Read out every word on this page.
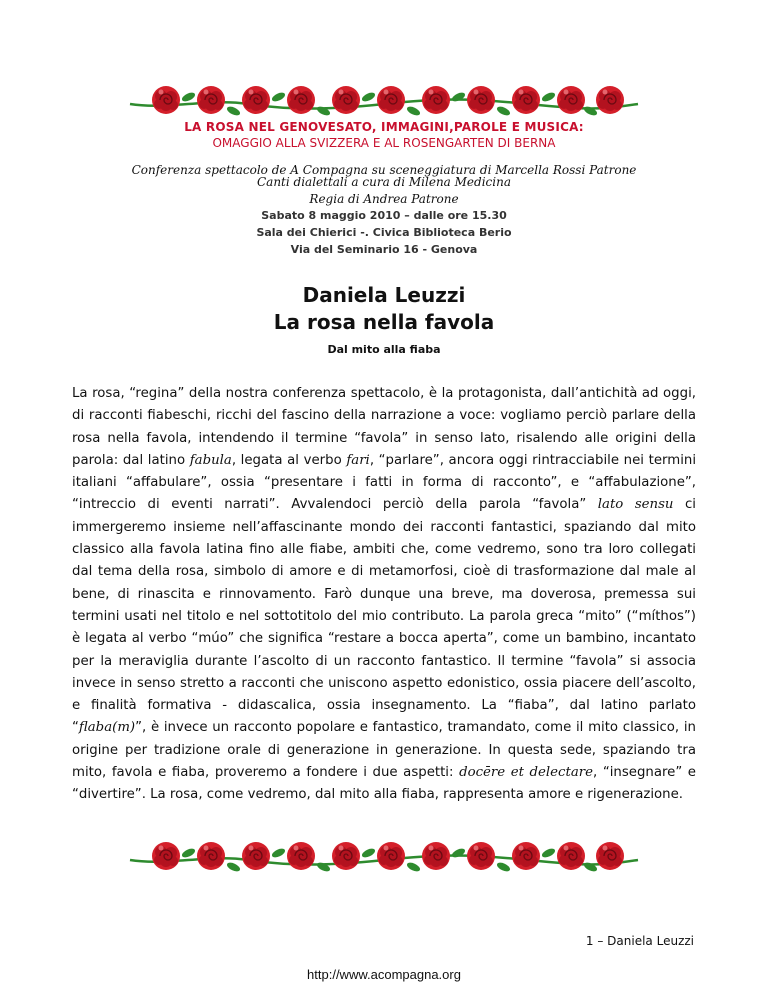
LA ROSA NEL GENOVESATO, IMMAGINI,PAROLE E MUSICA:
OMAGGIO ALLA SVIZZERA E AL ROSENGARTEN DI BERNA
Conferenza spettacolo de A Compagna su sceneggiatura di Marcella Rossi Patrone
Canti dialettali a cura di Milena Medicina
Regia di Andrea Patrone
Sabato 8 maggio 2010 – dalle ore 15.30
Sala dei Chierici -. Civica Biblioteca Berio
Via del Seminario 16 - Genova
Daniela Leuzzi
La rosa nella favola
Dal mito alla fiaba

La rosa, “regina” della nostra conferenza spettacolo, è la protagonista, dall’antichità ad oggi, di racconti fiabeschi, ricchi del fascino della narrazione a voce: vogliamo perciò parlare della rosa nella favola, intendendo il termine “favola” in senso lato, risalendo alle origini della parola: dal latino fabula, legata al verbo fari, “parlare”, ancora oggi rintracciabile nei termini italiani “affabulare”, ossia “presentare i fatti in forma di racconto”, e “affabulazione”, “intreccio di eventi narrati”. Avvalendoci perciò della parola “favola” lato sensu ci immergeremo insieme nell’affascinante mondo dei racconti fantastici, spaziando dal mito classico alla favola latina fino alle fiabe, ambiti che, come vedremo, sono tra loro collegati dal tema della rosa, simbolo di amore e di metamorfosi, cioè di trasformazione dal male al bene, di rinascita e rinnovamento. Farò dunque una breve, ma doverosa, premessa sui termini usati nel titolo e nel sottotitolo del mio contributo. La parola greca “mito” (“míthos”) è legata al verbo “múo” che significa “restare a bocca aperta”, come un bambino, incantato per la meraviglia durante l’ascolto di un racconto fantastico. Il termine “favola” si associa invece in senso stretto a racconti che uniscono aspetto edonistico, ossia piacere dell’ascolto, e finalità formativa - didascalica, ossia insegnamento. La “fiaba”, dal latino parlato “flaba(m)”, è invece un racconto popolare e fantastico, tramandato, come il mito classico, in origine per tradizione orale di generazione in generazione. In questa sede, spaziando tra mito, favola e fiaba, proveremo a fondere i due aspetti: docēre et delectare, “insegnare” e “divertire”. La rosa, come vedremo, dal mito alla fiaba, rappresenta amore e rigenerazione.

1 – Daniela Leuzzi
http://www.acompagna.org
